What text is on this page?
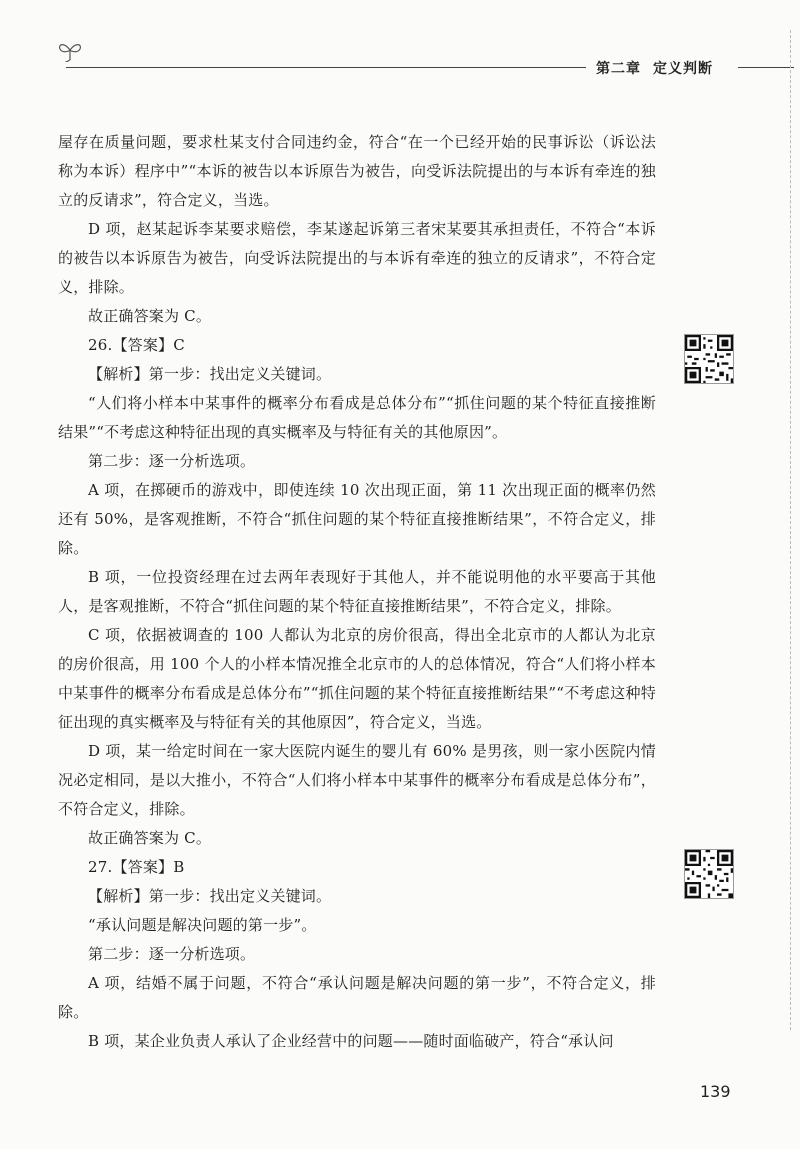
第二章 定义判断

屋存在质量问题，要求杜某支付合同违约金，符合“在一个已经开始的民事诉讼（诉讼法称为本诉）程序中”“本诉的被告以本诉原告为被告，向受诉法院提出的与本诉有牵连的独立的反请求”，符合定义，当选。

D 项，赵某起诉李某要求赔偿，李某遂起诉第三者宋某要其承担责任，不符合“本诉的被告以本诉原告为被告，向受诉法院提出的与本诉有牵连的独立的反请求”，不符合定义，排除。

故正确答案为 C。

26.【答案】C

【解析】第一步：找出定义关键词。

“人们将小样本中某事件的概率分布看成是总体分布”“抓住问题的某个特征直接推断结果”“不考虑这种特征出现的真实概率及与特征有关的其他原因”。

第二步：逐一分析选项。

A 项，在掷硬币的游戏中，即使连续 10 次出现正面，第 11 次出现正面的概率仍然还有 50%，是客观推断，不符合“抓住问题的某个特征直接推断结果”，不符合定义，排除。

B 项，一位投资经理在过去两年表现好于其他人，并不能说明他的水平要高于其他人，是客观推断，不符合“抓住问题的某个特征直接推断结果”，不符合定义，排除。

C 项，依据被调查的 100 人都认为北京的房价很高，得出全北京市的人都认为北京的房价很高，用 100 个人的小样本情况推全北京市的人的总体情况，符合“人们将小样本中某事件的概率分布看成是总体分布”“抓住问题的某个特征直接推断结果”“不考虑这种特征出现的真实概率及与特征有关的其他原因”，符合定义，当选。

D 项，某一给定时间在一家大医院内诞生的婴儿有 60% 是男孩，则一家小医院内情况必定相同，是以大推小，不符合“人们将小样本中某事件的概率分布看成是总体分布”，不符合定义，排除。

故正确答案为 C。

27.【答案】B

【解析】第一步：找出定义关键词。

“承认问题是解决问题的第一步”。

第二步：逐一分析选项。

A 项，结婚不属于问题，不符合“承认问题是解决问题的第一步”，不符合定义，排除。

B 项，某企业负责人承认了企业经营中的问题——随时面临破产，符合“承认问

139
